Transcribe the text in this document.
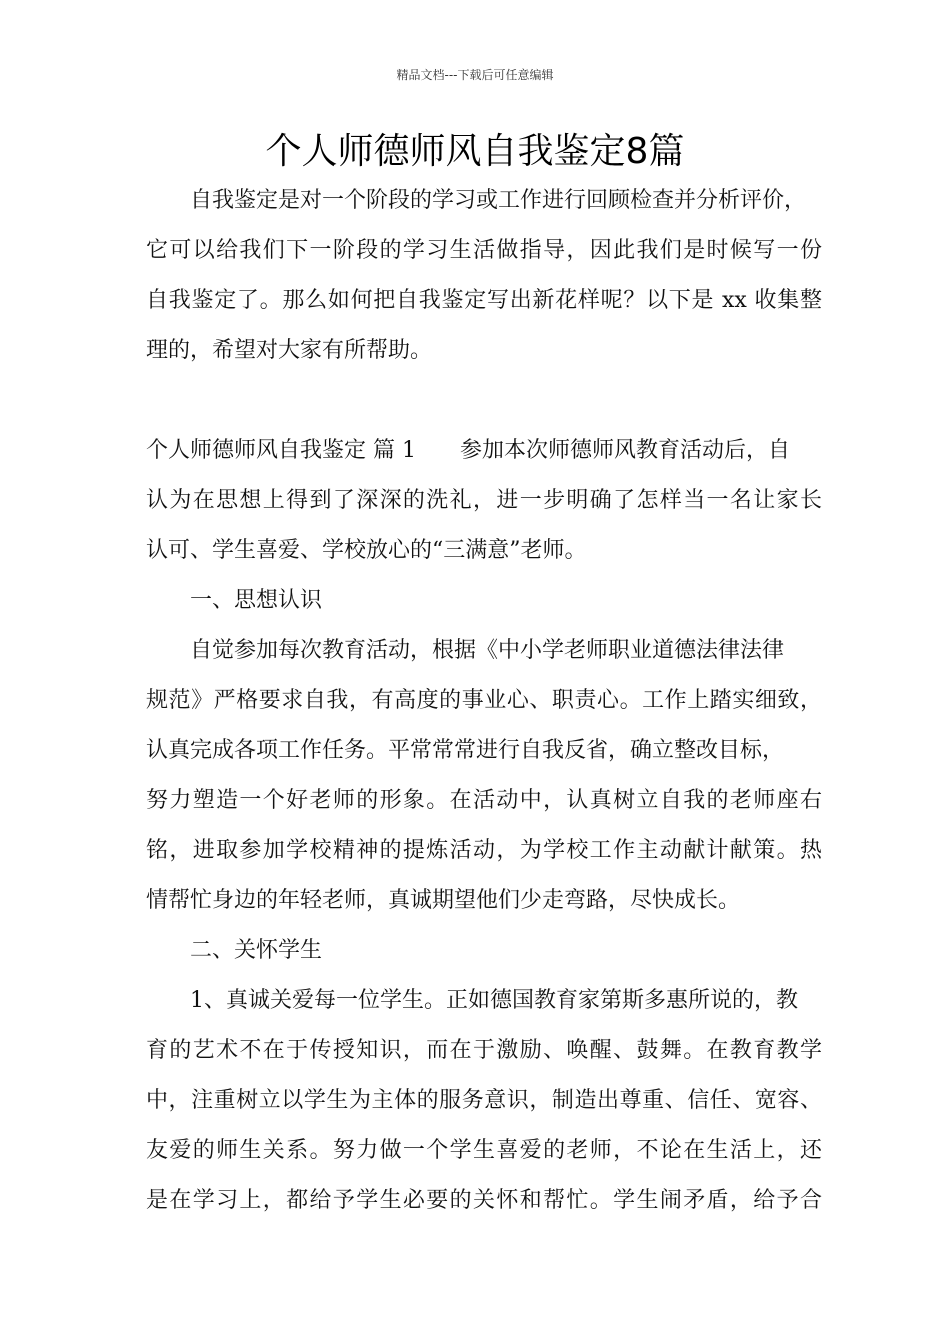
精品文档---下载后可任意编辑
个人师德师风自我鉴定8篇
自我鉴定是对一个阶段的学习或工作进行回顾检查并分析评价，
它可以给我们下一阶段的学习生活做指导，因此我们是时候写一份
自我鉴定了。那么如何把自我鉴定写出新花样呢？以下是 xx 收集整
理的，希望对大家有所帮助。
个人师德师风自我鉴定 篇 1 参加本次师德师风教育活动后，自
认为在思想上得到了深深的洗礼，进一步明确了怎样当一名让家长
认可、学生喜爱、学校放心的“三满意”老师。
一、思想认识
自觉参加每次教育活动，根据《中小学老师职业道德法律法律
规范》严格要求自我，有高度的事业心、职责心。工作上踏实细致，
认真完成各项工作任务。平常常常进行自我反省，确立整改目标，
努力塑造一个好老师的形象。在活动中，认真树立自我的老师座右
铭，进取参加学校精神的提炼活动，为学校工作主动献计献策。热
情帮忙身边的年轻老师，真诚期望他们少走弯路，尽快成长。
二、关怀学生
1、真诚关爱每一位学生。正如德国教育家第斯多惠所说的，教
育的艺术不在于传授知识，而在于激励、唤醒、鼓舞。在教育教学
中，注重树立以学生为主体的服务意识，制造出尊重、信任、宽容、
友爱的师生关系。努力做一个学生喜爱的老师，不论在生活上，还
是在学习上，都给予学生必要的关怀和帮忙。学生闹矛盾，给予合
